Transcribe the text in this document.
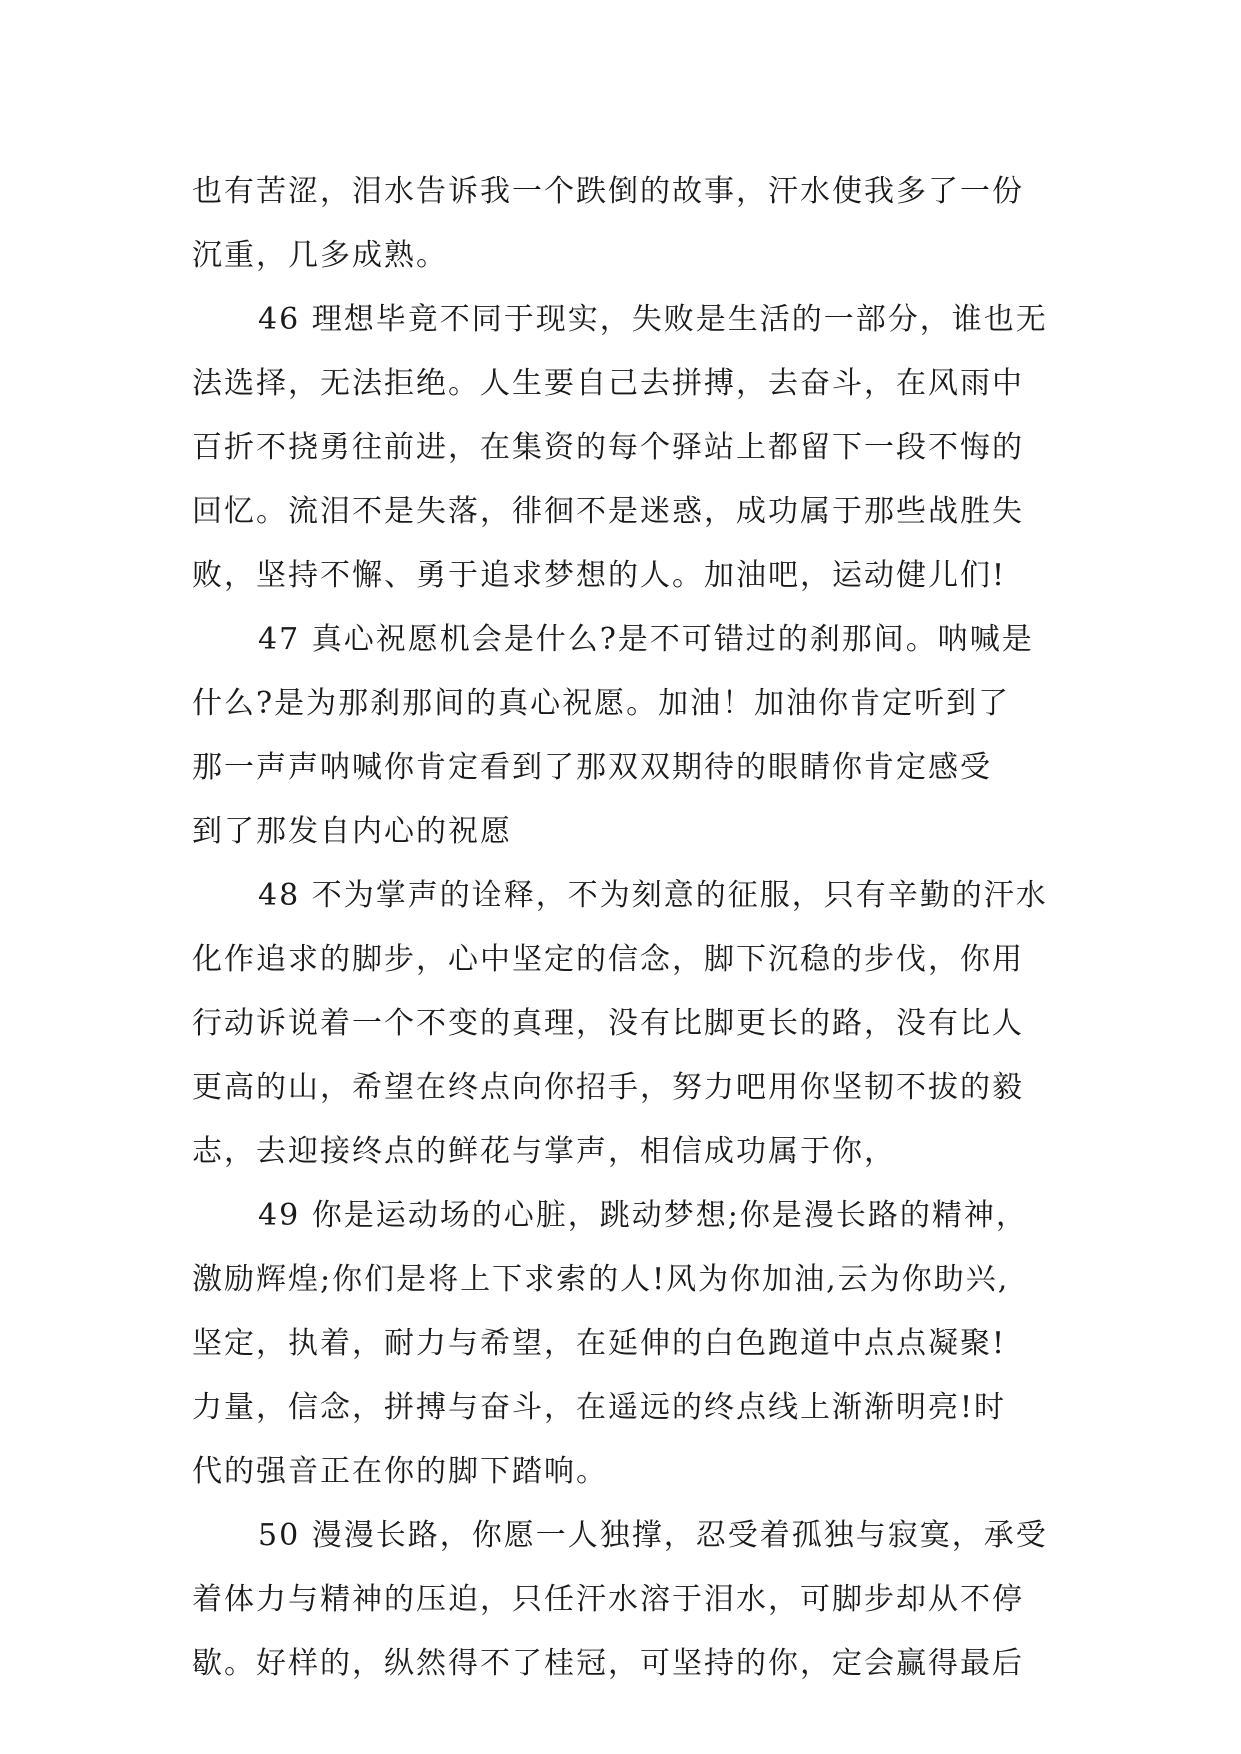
也有苦涩，泪水告诉我一个跌倒的故事，汗水使我多了一份
沉重，几多成熟。
46 理想毕竟不同于现实，失败是生活的一部分，谁也无
法选择，无法拒绝。人生要自己去拼搏，去奋斗，在风雨中
百折不挠勇往前进，在集资的每个驿站上都留下一段不悔的
回忆。流泪不是失落，徘徊不是迷惑，成功属于那些战胜失
败，坚持不懈、勇于追求梦想的人。加油吧，运动健儿们!
47 真心祝愿机会是什么?是不可错过的刹那间。呐喊是
什么?是为那刹那间的真心祝愿。加油！加油你肯定听到了
那一声声呐喊你肯定看到了那双双期待的眼睛你肯定感受
到了那发自内心的祝愿
48 不为掌声的诠释，不为刻意的征服，只有辛勤的汗水
化作追求的脚步，心中坚定的信念，脚下沉稳的步伐，你用
行动诉说着一个不变的真理，没有比脚更长的路，没有比人
更高的山，希望在终点向你招手，努力吧用你坚韧不拔的毅
志，去迎接终点的鲜花与掌声，相信成功属于你，
49 你是运动场的心脏，跳动梦想;你是漫长路的精神，
激励辉煌;你们是将上下求索的人!风为你加油,云为你助兴,
坚定，执着，耐力与希望，在延伸的白色跑道中点点凝聚!
力量，信念，拼搏与奋斗，在遥远的终点线上渐渐明亮!时
代的强音正在你的脚下踏响。
50 漫漫长路，你愿一人独撑，忍受着孤独与寂寞，承受
着体力与精神的压迫，只任汗水溶于泪水，可脚步却从不停
歇。好样的，纵然得不了桂冠，可坚持的你，定会赢得最后
